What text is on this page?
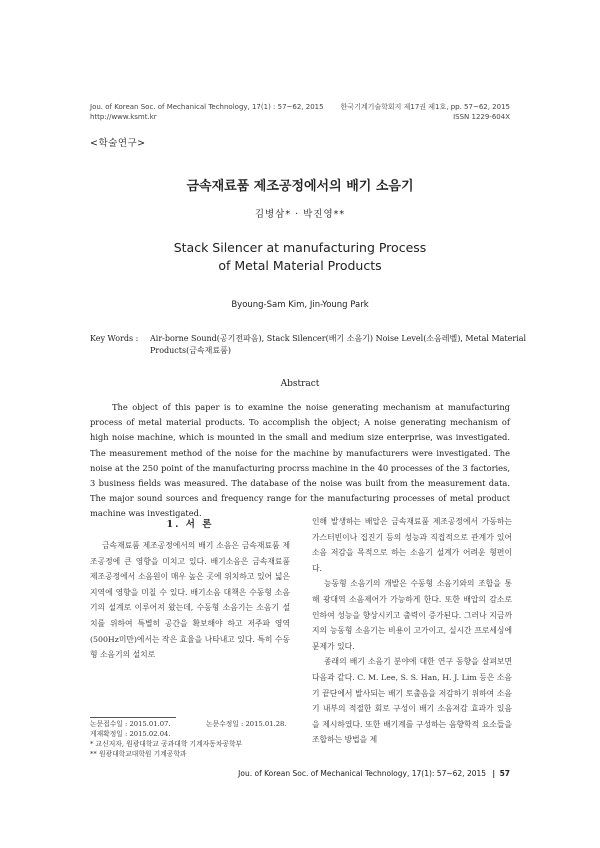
Jou. of Korean Soc. of Mechanical Technology, 17(1) : 57~62, 2015
http://www.ksmt.kr
한국기계기술학회지 제17권 제1호, pp. 57~62, 2015
ISSN 1229-604X
<학술연구>
금속재료품 제조공정에서의 배기 소음기
김병삼* · 박진영**
Stack Silencer at manufacturing Process
of Metal Material Products
Byoung-Sam Kim, Jin-Young Park
Key Words : Air-borne Sound(공기전파음), Stack Silencer(배기 소음기) Noise Level(소음레벨), Metal Material
Products(금속재료품)
Abstract

The object of this paper is to examine the noise generating mechanism at manufacturing process of metal material products. To accomplish the object; A noise generating mechanism of high noise machine, which is mounted in the small and medium size enterprise, was investigated. The measurement method of the noise for the machine by manufacturers were investigated. The noise at the 250 point of the manufacturing procrss machine in the 40 processes of the 3 factories, 3 business fields was measured. The database of the noise was built from the measurement data. The major sound sources and frequency range for the manufacturing processes of metal product machine was investigated.

1. 서 론

금속재료품 제조공정에서의 배기 소음은 금속재료품 제조공정에 큰 영향을 미치고 있다. 배기소음은 금속재료품 제조공정에서 소음원이 매우 높은 곳에 위치하고 있어 넓은 지역에 영향을 미칠 수 있다. 배기소음 대책은 수동형 소음기의 설계로 이루어져 왔는데, 수동형 소음기는 소음기 설치를 위하여 특별히 공간을 확보해야 하고 저주파 영역(500Hz미만)에서는 작은 효율을 나타내고 있다. 특히 수동형 소음기의 설치로

논문접수일 : 2015.01.07.	논문수정일 : 2015.01.28.
게재확정일 : 2015.02.04.
* 교신저자, 원광대학교 공과대학 기계자동차공학부
** 원광대학교대학원 기계공학과

인해 발생하는 배압은 금속재료품 제조공정에서 가동하는 가스터빈이나 집진기 등의 성능과 직접적으로 관계가 있어 소음 저감을 목적으로 하는 소음기 설계가 어려운 형편이다.

능동형 소음기의 개발은 수동형 소음기와의 조합을 통해 광대역 소음제어가 가능하게 한다. 또한 배압의 감소로 인하여 성능을 향상시키고 출력이 증가된다. 그러나 지금까지의 능동형 소음기는 비용이 고가이고, 실시간 프로세싱에 문제가 있다.

종래의 배기 소음기 분야에 대한 연구 동향을 살펴보면 다음과 같다. C. M. Lee, S. S. Han, H. J. Lim 등은 소음기 끝단에서 발사되는 배기 토출음을 저감하기 위하여 소음기 내부의 적절한 회로 구성이 배기 소음저감 효과가 있음을 제시하였다. 또한 배기계를 구성하는 음향학적 요소들을 조합하는 방법을 제

Jou. of Korean Soc. of Mechanical Technology, 17(1): 57~62, 2015 | 57
